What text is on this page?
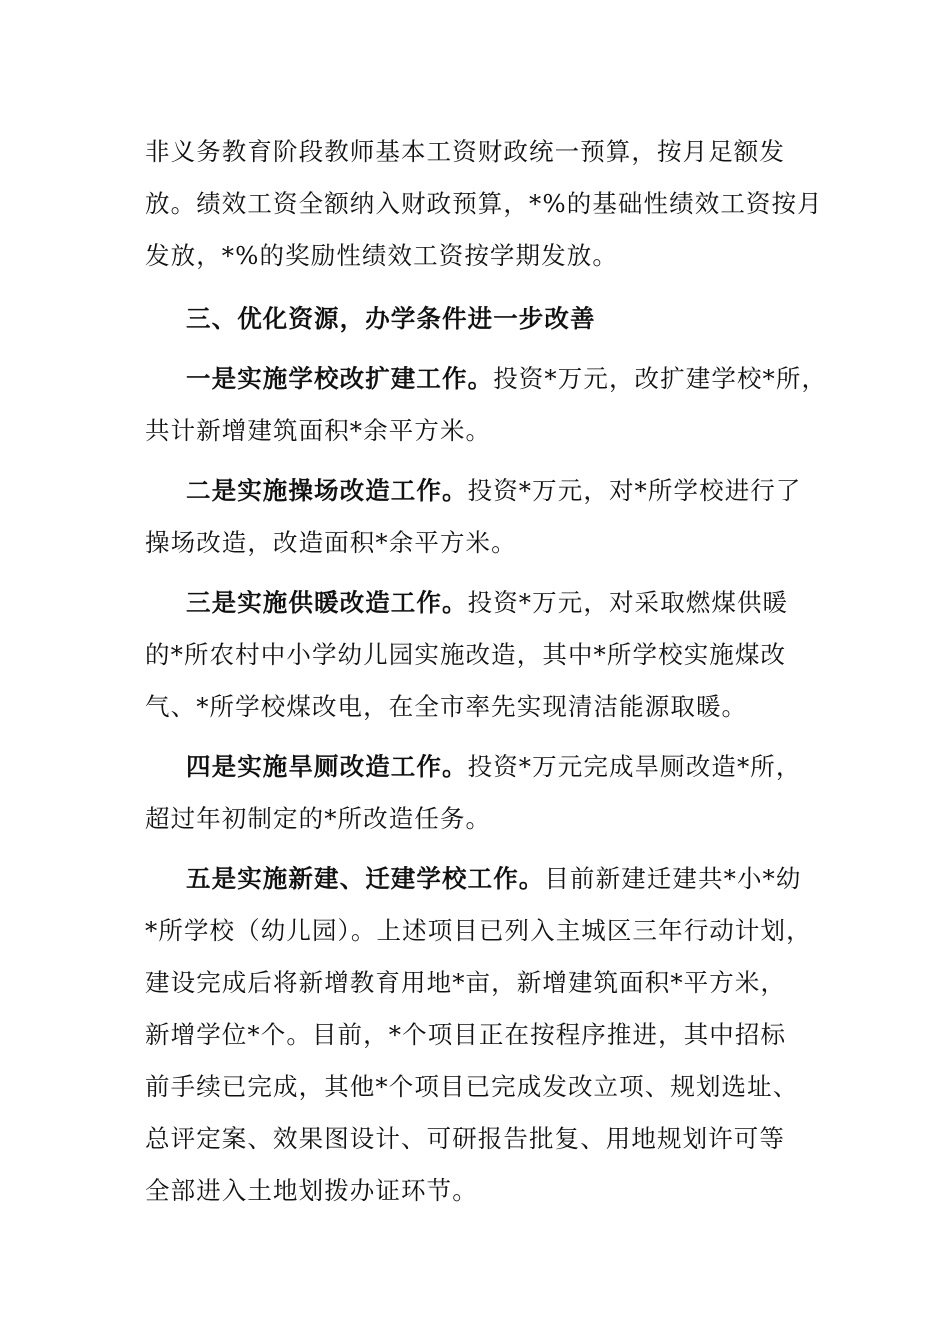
非义务教育阶段教师基本工资财政统一预算，按月足额发
放。绩效工资全额纳入财政预算，*%的基础性绩效工资按月
发放，*%的奖励性绩效工资按学期发放。

三、优化资源，办学条件进一步改善

一是实施学校改扩建工作。投资*万元，改扩建学校*所，

共计新增建筑面积*余平方米。

二是实施操场改造工作。投资*万元，对*所学校进行了

操场改造，改造面积*余平方米。

三是实施供暖改造工作。投资*万元，对采取燃煤供暖

的*所农村中小学幼儿园实施改造，其中*所学校实施煤改
气、*所学校煤改电，在全市率先实现清洁能源取暖。

四是实施旱厕改造工作。投资*万元完成旱厕改造*所，

超过年初制定的*所改造任务。

五是实施新建、迁建学校工作。目前新建迁建共*小*幼

*所学校（幼儿园）。上述项目已列入主城区三年行动计划，
建设完成后将新增教育用地*亩，新增建筑面积*平方米，
新增学位*个。目前，*个项目正在按程序推进，其中招标
前手续已完成，其他*个项目已完成发改立项、规划选址、
总评定案、效果图设计、可研报告批复、用地规划许可等
全部进入土地划拨办证环节。
